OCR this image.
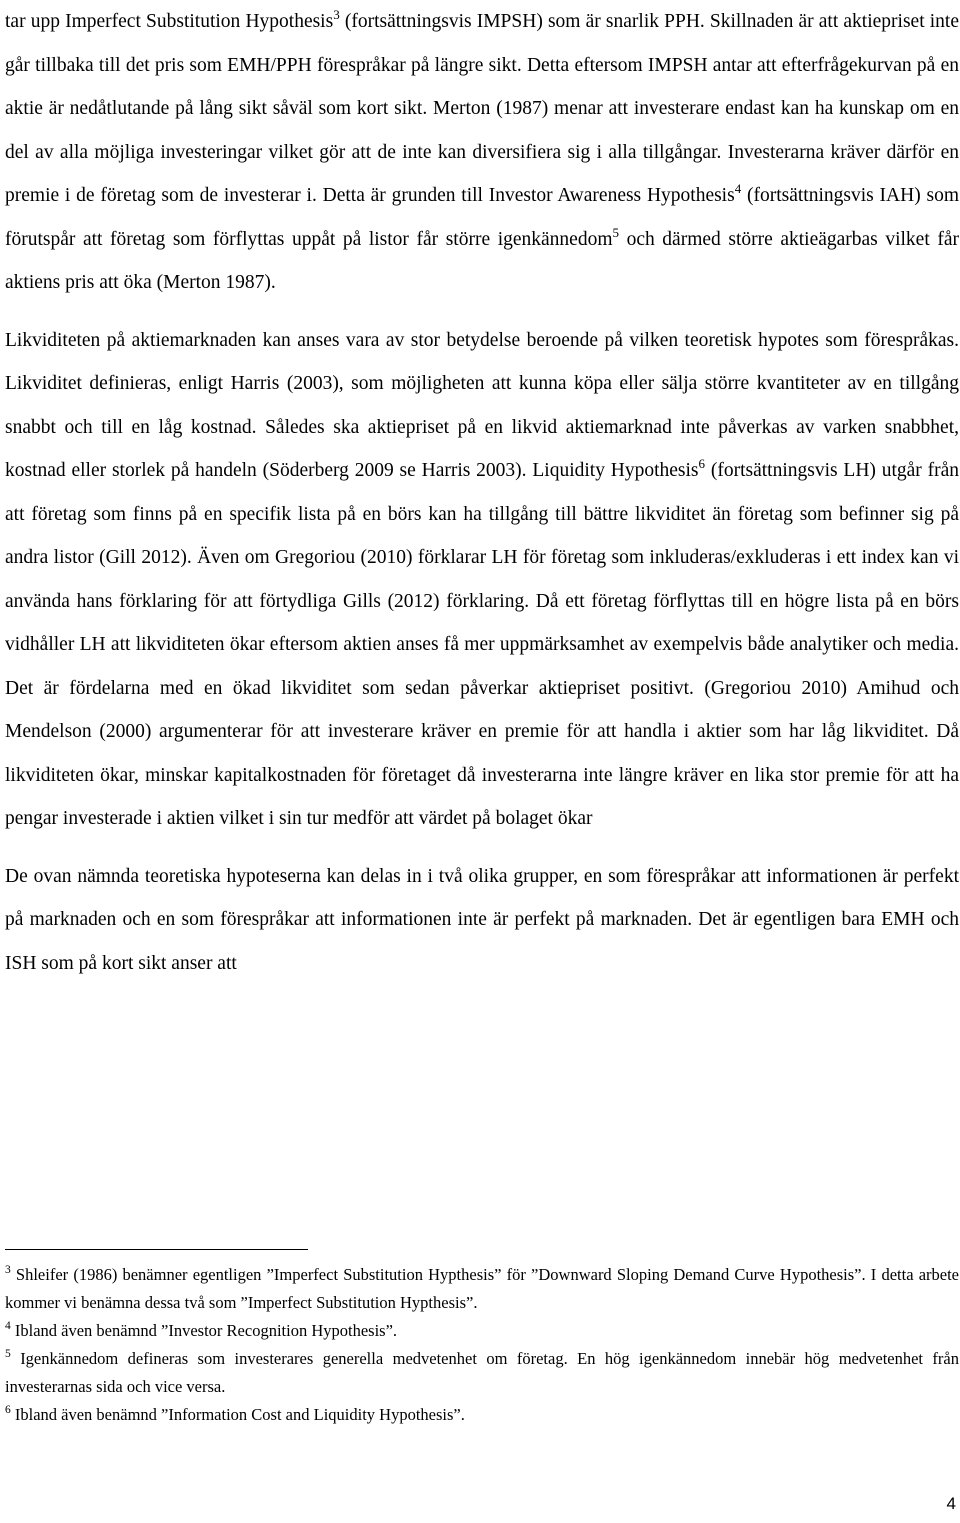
tar upp Imperfect Substitution Hypothesis$^3$ (fortsättningsvis IMPSH) som är snarlik PPH. Skillnaden är att aktiepriset inte går tillbaka till det pris som EMH/PPH förespråkar på längre sikt. Detta eftersom IMPSH antar att efterfrågekurvan på en aktie är nedåtlutande på lång sikt såväl som kort sikt. Merton (1987) menar att investerare endast kan ha kunskap om en del av alla möjliga investeringar vilket gör att de inte kan diversifiera sig i alla tillgångar. Investerarna kräver därför en premie i de företag som de investerar i. Detta är grunden till Investor Awareness Hypothesis$^4$ (fortsättningsvis IAH) som förutspår att företag som förflyttas uppåt på listor får större igenkännedom$^5$ och därmed större aktieägarbas vilket får aktiens pris att öka (Merton 1987).

Likviditeten på aktiemarknaden kan anses vara av stor betydelse beroende på vilken teoretisk hypotes som förespråkas. Likviditet definieras, enligt Harris (2003), som möjligheten att kunna köpa eller sälja större kvantiteter av en tillgång snabbt och till en låg kostnad. Således ska aktiepriset på en likvid aktiemarknad inte påverkas av varken snabbhet, kostnad eller storlek på handeln (Söderberg 2009 se Harris 2003). Liquidity Hypothesis$^6$ (fortsättningsvis LH) utgår från att företag som finns på en specifik lista på en börs kan ha tillgång till bättre likviditet än företag som befinner sig på andra listor (Gill 2012). Även om Gregoriou (2010) förklarar LH för företag som inkluderas/exkluderas i ett index kan vi använda hans förklaring för att förtydliga Gills (2012) förklaring. Då ett företag förflyttas till en högre lista på en börs vidhåller LH att likviditeten ökar eftersom aktien anses få mer uppmärksamhet av exempelvis både analytiker och media. Det är fördelarna med en ökad likviditet som sedan påverkar aktiepriset positivt. (Gregoriou 2010) Amihud och Mendelson (2000) argumenterar för att investerare kräver en premie för att handla i aktier som har låg likviditet. Då likviditeten ökar, minskar kapitalkostnaden för företaget då investerarna inte längre kräver en lika stor premie för att ha pengar investerade i aktien vilket i sin tur medför att värdet på bolaget ökar

De ovan nämnda teoretiska hypoteserna kan delas in i två olika grupper, en som förespråkar att informationen är perfekt på marknaden och en som förespråkar att informationen inte är perfekt på marknaden. Det är egentligen bara EMH och ISH som på kort sikt anser att

$^3$ Shleifer (1986) benämner egentligen ”Imperfect Substitution Hypthesis” för ”Downward Sloping Demand Curve Hypothesis”. I detta arbete kommer vi benämna dessa två som ”Imperfect Substitution Hypthesis”.

$^4$ Ibland även benämnd ”Investor Recognition Hypothesis”.

$^5$ Igenkännedom defineras som investerares generella medvetenhet om företag. En hög igenkännedom innebär hög medvetenhet från investerarnas sida och vice versa.

$^6$ Ibland även benämnd ”Information Cost and Liquidity Hypothesis”.

4
